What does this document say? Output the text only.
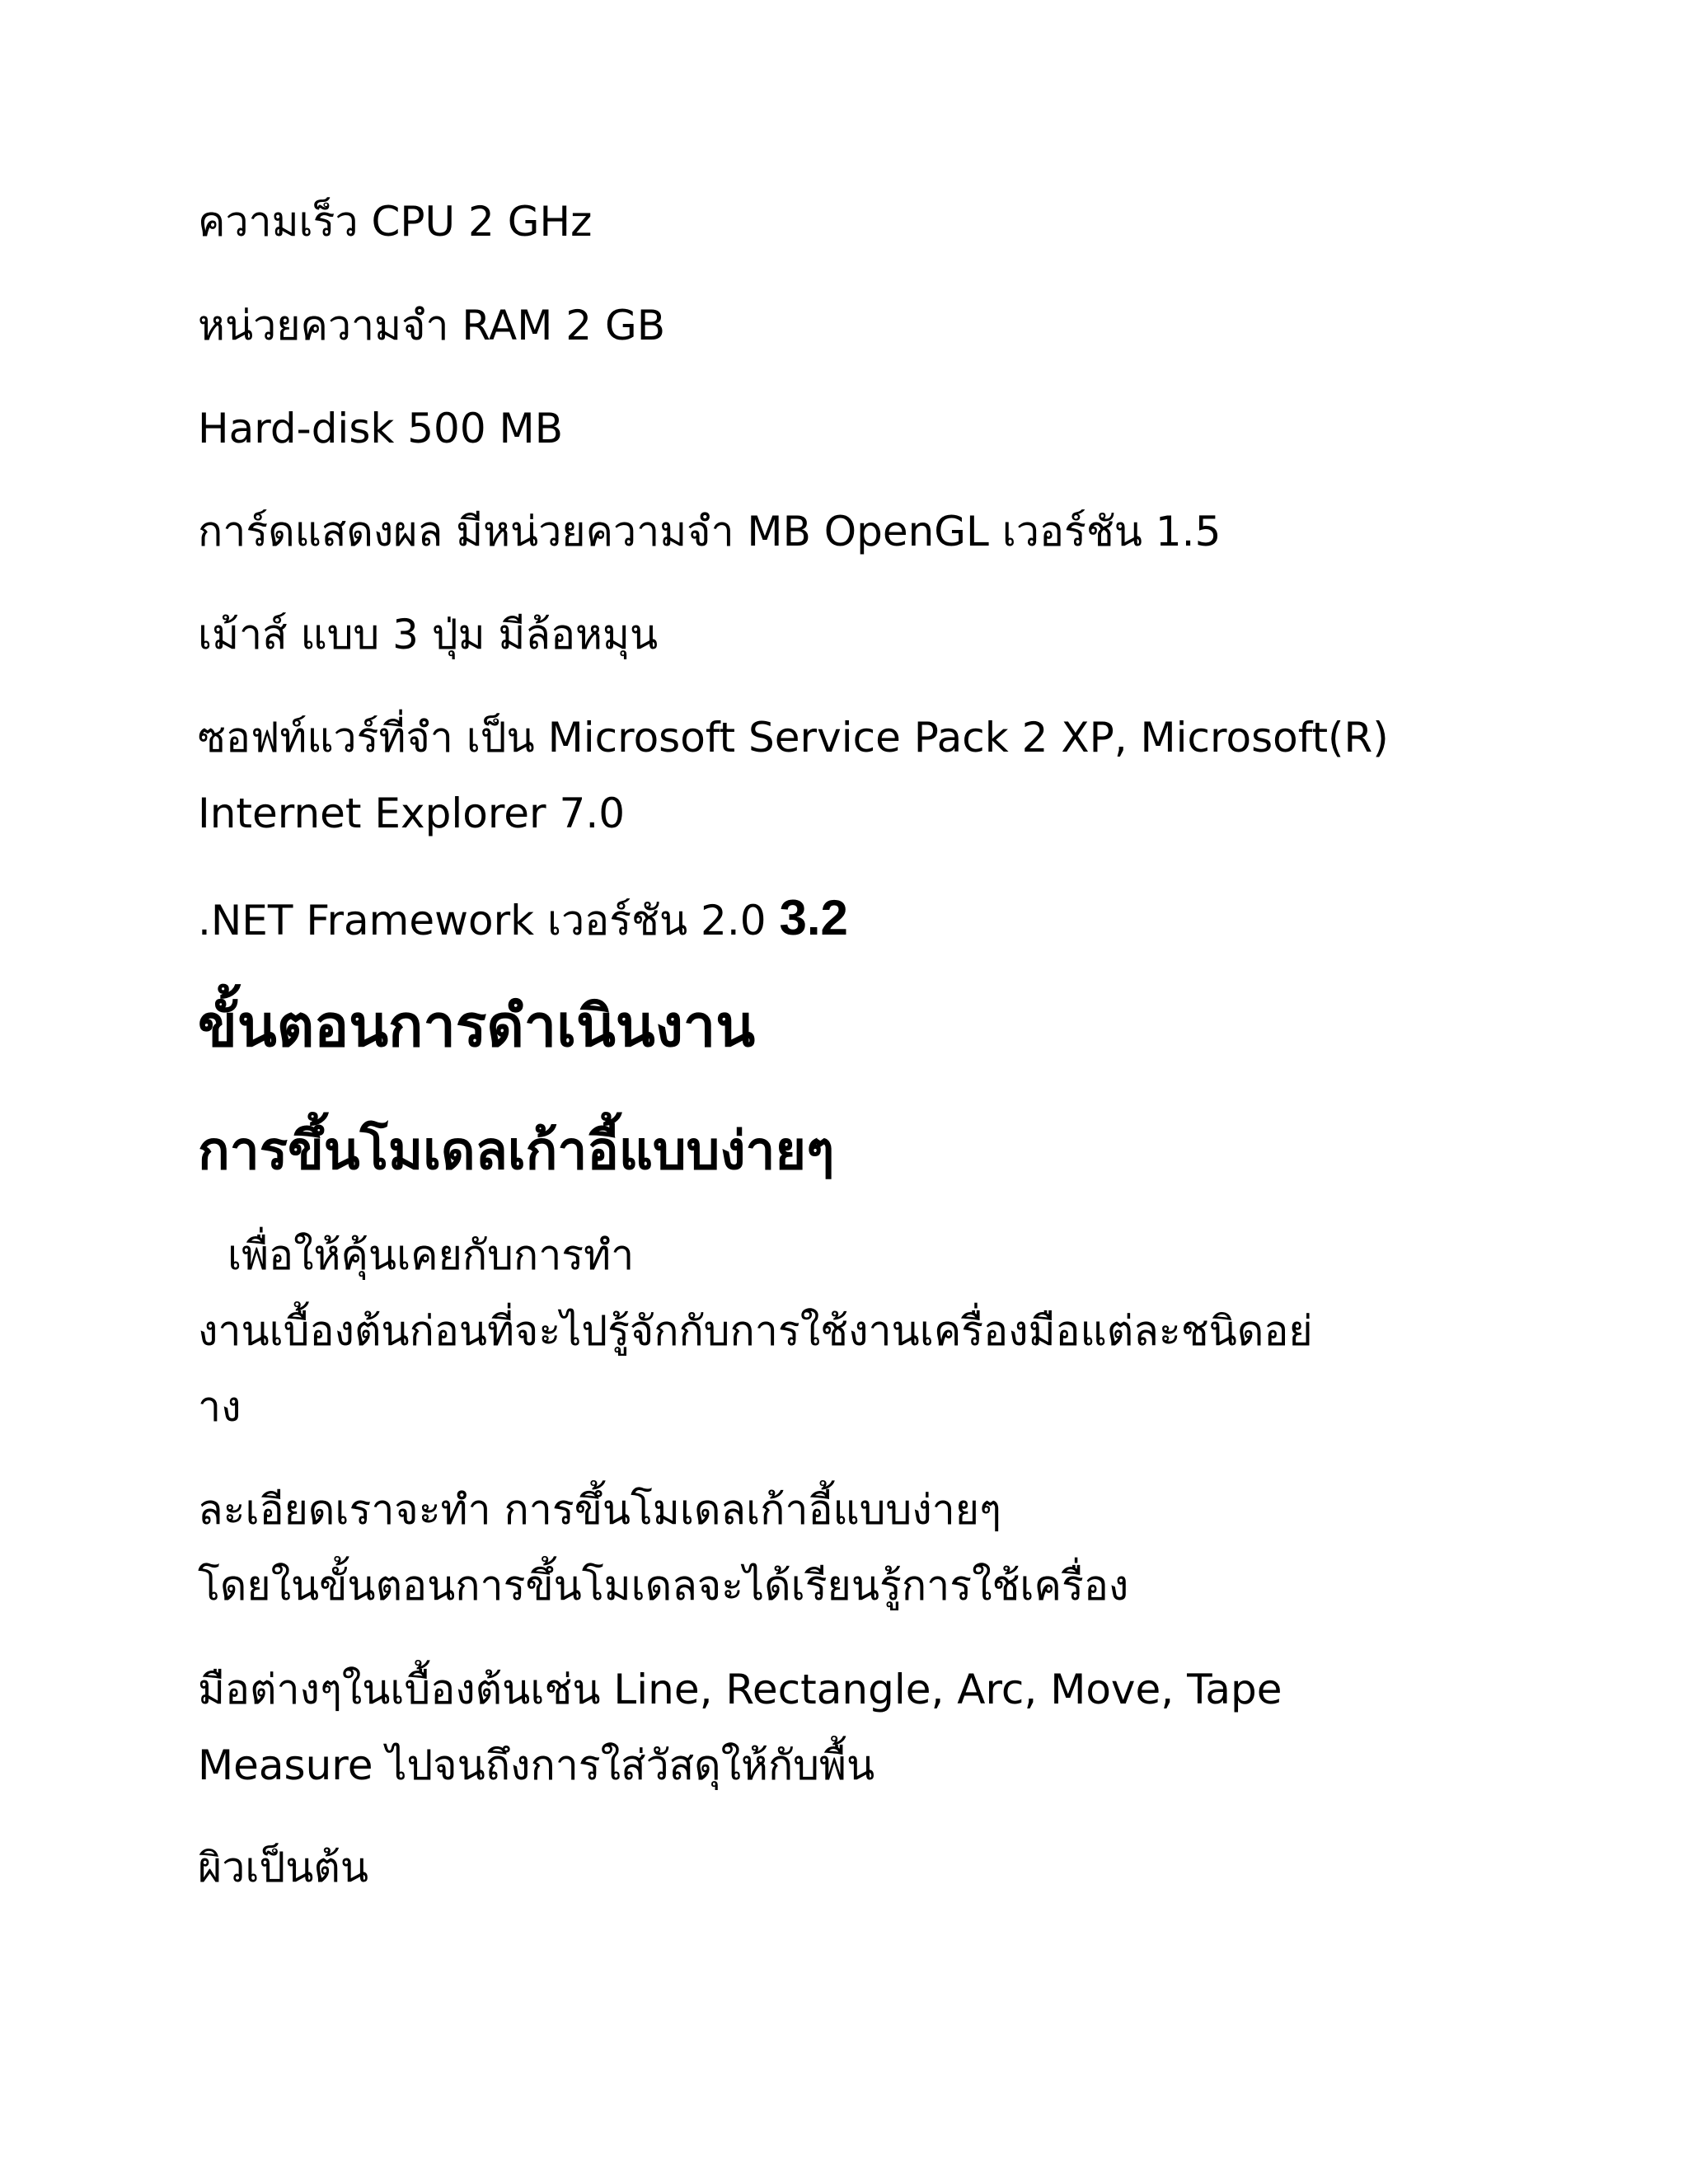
ความเร็ว CPU 2 GHz

หน่วยความจำ RAM 2 GB

Hard-disk 500 MB

การ์ดแสดงผล มีหน่วยความจำ MB OpenGL เวอร์ชัน 1.5

เม้าส์ แบบ 3 ปุ่ม มีล้อหมุน

ซอฟท์แวร์ที่จำ เป็น Microsoft Service Pack 2 XP, Microsoft(R)

Internet Explorer 7.0

.NET Framework เวอร์ชัน 2.0 3.2

ขั้นตอนการดำเนินงาน
การขึ้นโมเดลเก้าอี้แบบง่ายๆ

เพื่อให้คุ้นเคยกับการทำ

งานเบื้องต้นก่อนที่จะไปรู้จักกับการใช้งานเครื่องมือแต่ละชนิดอย่

าง

ละเอียดเราจะทำ การขึ้นโมเดลเก้าอี้แบบง่ายๆ

โดยในขั้นตอนการขึ้นโมเดลจะได้เรียนรู้การใช้เครื่อง

มือต่างๆในเบื้องต้นเช่น Line, Rectangle, Arc, Move, Tape

Measure ไปจนถึงการใส่วัสดุให้กับพื้น

ผิวเป็นต้น
